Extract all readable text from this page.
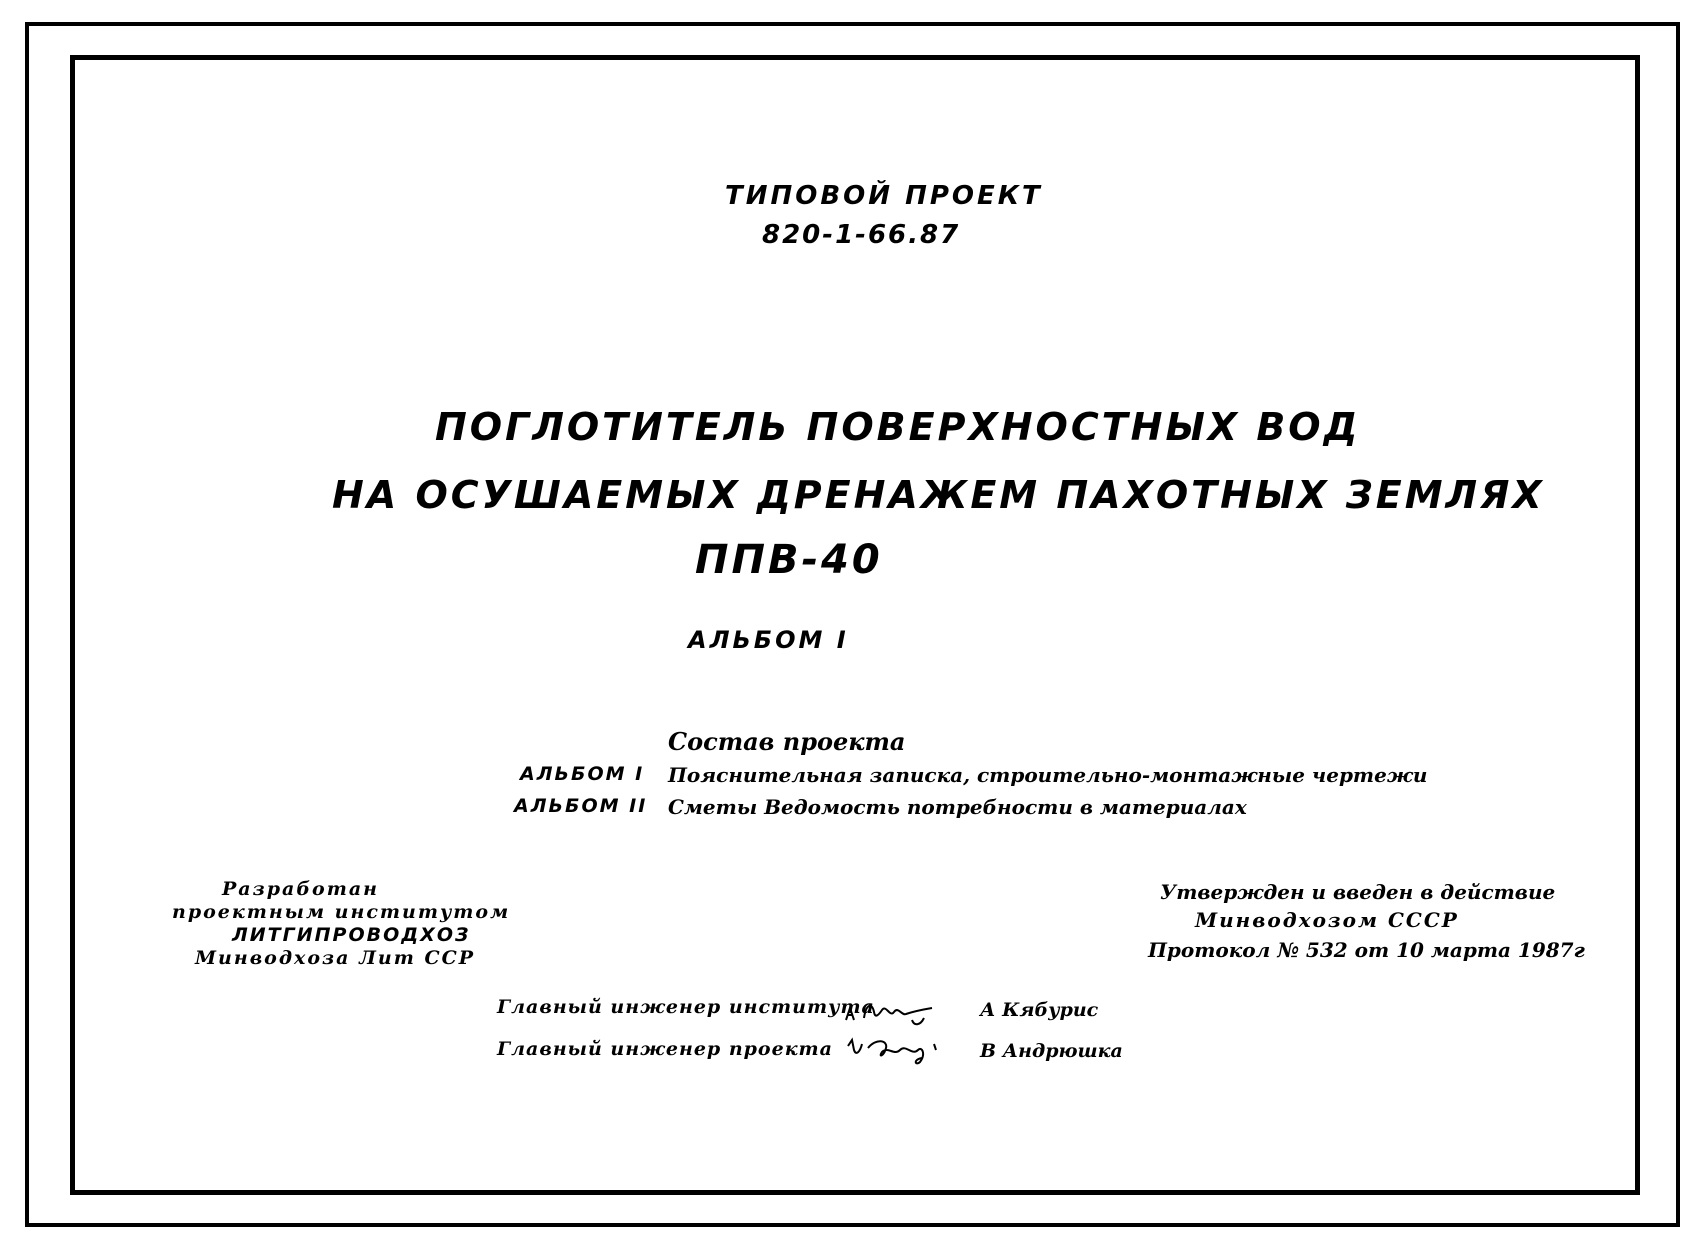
ТИПОВОЙ ПРОЕКТ
820-1-66.87
ПОГЛОТИТЕЛЬ ПОВЕРХНОСТНЫХ ВОД
НА ОСУШАЕМЫХ ДРЕНАЖЕМ ПАХОТНЫХ ЗЕМЛЯХ
ППВ-40
АЛЬБОМ I
Состав проекта
АЛЬБОМ I Пояснительная записка, строительно-монтажные чертежи
АЛЬБОМ II Сметы Ведомость потребности в материалах
Разработан
проектным институтом
ЛИТГИПРОВОДХОЗ
Минводхоза Лит ССР
Утвержден и введен в действие
Минводхозом СССР
Протокол № 532 от 10 марта 1987г
Главный инженер института	А Кябурис
Главный инженер проекта	В Андрюшка
